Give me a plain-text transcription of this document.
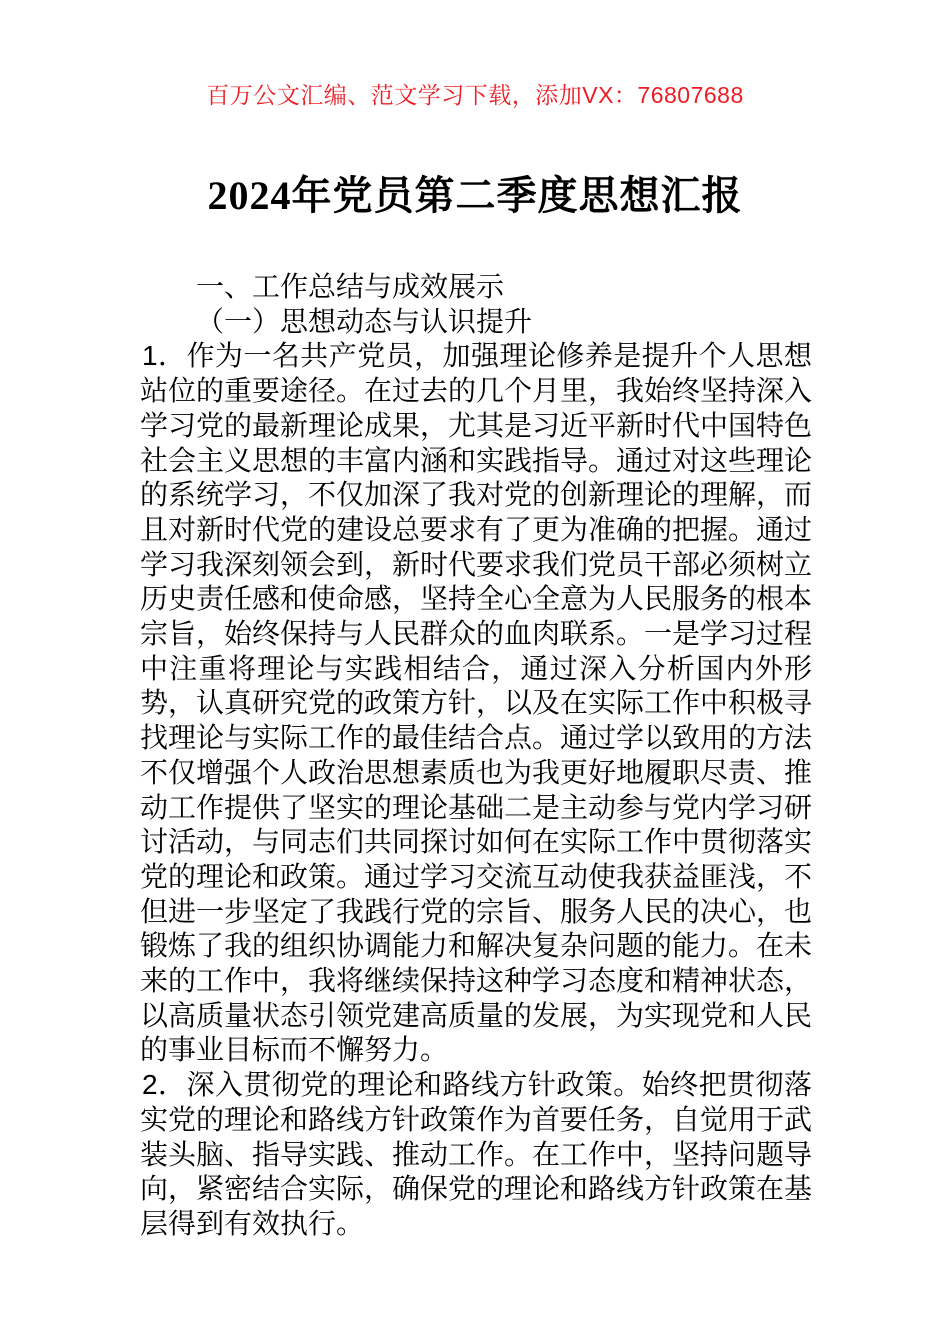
百万公文汇编、范文学习下载，添加VX：76807688
2024年党员第二季度思想汇报

一、工作总结与成效展示

（一）思想动态与认识提升

1．作为一名共产党员，加强理论修养是提升个人思想站位的重要途径。在过去的几个月里，我始终坚持深入学习党的最新理论成果，尤其是习近平新时代中国特色社会主义思想的丰富内涵和实践指导。通过对这些理论的系统学习，不仅加深了我对党的创新理论的理解，而且对新时代党的建设总要求有了更为准确的把握。通过学习我深刻领会到，新时代要求我们党员干部必须树立历史责任感和使命感，坚持全心全意为人民服务的根本宗旨，始终保持与人民群众的血肉联系。一是学习过程中注重将理论与实践相结合，通过深入分析国内外形势，认真研究党的政策方针，以及在实际工作中积极寻找理论与实际工作的最佳结合点。通过学以致用的方法不仅增强个人政治思想素质也为我更好地履职尽责、推动工作提供了坚实的理论基础二是主动参与党内学习研讨活动，与同志们共同探讨如何在实际工作中贯彻落实党的理论和政策。通过学习交流互动使我获益匪浅，不但进一步坚定了我践行党的宗旨、服务人民的决心，也锻炼了我的组织协调能力和解决复杂问题的能力。在未来的工作中，我将继续保持这种学习态度和精神状态，以高质量状态引领党建高质量的发展，为实现党和人民的事业目标而不懈努力。

2．深入贯彻党的理论和路线方针政策。始终把贯彻落实党的理论和路线方针政策作为首要任务，自觉用于武装头脑、指导实践、推动工作。在工作中，坚持问题导向，紧密结合实际，确保党的理论和路线方针政策在基层得到有效执行。
